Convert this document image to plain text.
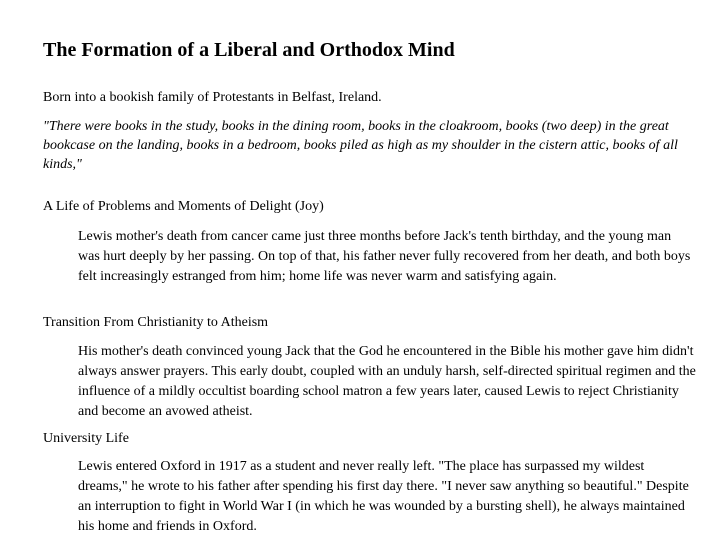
The Formation of a Liberal and Orthodox Mind
Born into a bookish family of Protestants in Belfast, Ireland.
"There were books in the study, books in the dining room, books in the cloakroom, books (two deep) in the great bookcase on the landing, books in a bedroom, books piled as high as my shoulder in the cistern attic, books of all kinds,"
A Life of Problems and Moments of Delight (Joy)
Lewis mother's death from cancer came just three months before Jack's tenth birthday, and the young man was hurt deeply by her passing. On top of that, his father never fully recovered from her death, and both boys felt increasingly estranged from him; home life was never warm and satisfying again.
Transition From Christianity to Atheism
His mother's death convinced young Jack that the God he encountered in the Bible his mother gave him didn't always answer prayers. This early doubt, coupled with an unduly harsh, self-directed spiritual regimen and the influence of a mildly occultist boarding school matron a few years later, caused Lewis to reject Christianity and become an avowed atheist.
University Life
Lewis entered Oxford in 1917 as a student and never really left. "The place has surpassed my wildest dreams," he wrote to his father after spending his first day there. "I never saw anything so beautiful." Despite an interruption to fight in World War I (in which he was wounded by a bursting shell), he always maintained his home and friends in Oxford.
